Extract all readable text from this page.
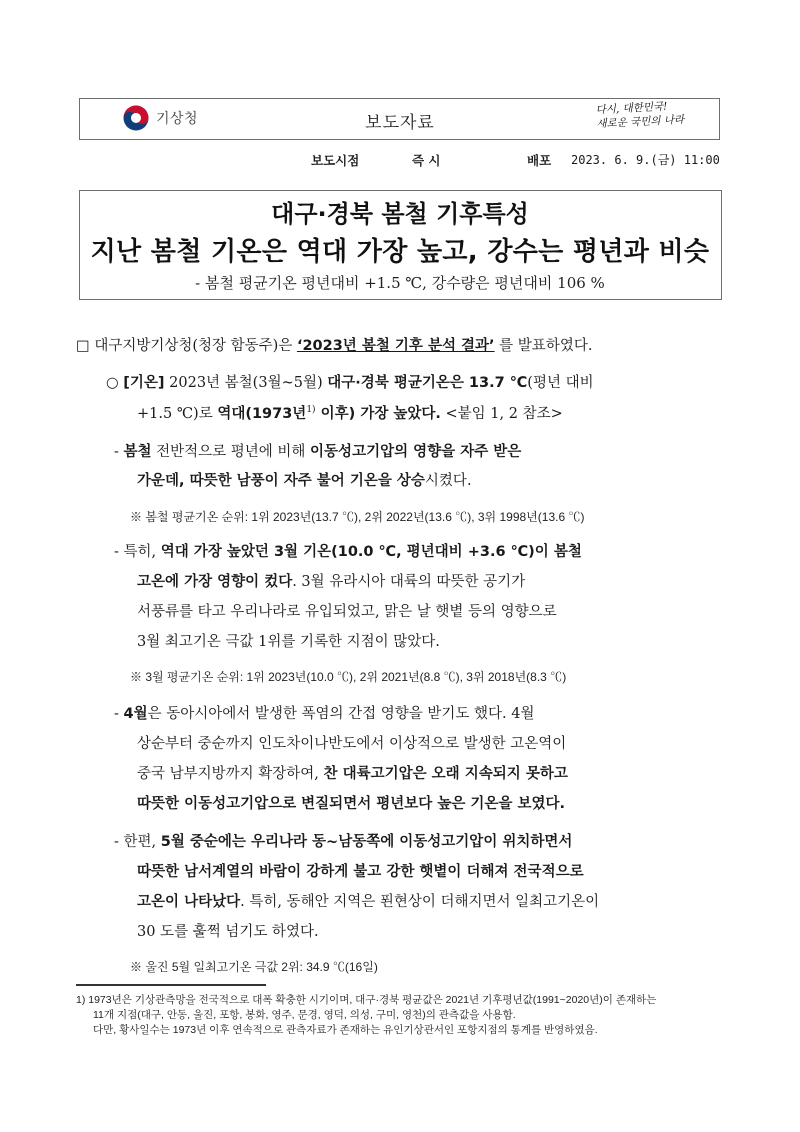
기상청	보도자료
다시, 대한민국!
새로운 국민의 나라
보도시점	즉 시	배포 2023. 6. 9.(금) 11:00
대구·경북 봄철 기후특성
지난 봄철 기온은 역대 가장 높고, 강수는 평년과 비슷
- 봄철 평균기온 평년대비 +1.5 ℃, 강수량은 평년대비 106 %
□ 대구지방기상청(청장 함동주)은 ‘2023년 봄철 기후 분석 결과’ 를 발표하였다.
○ [기온] 2023년 봄철(3월~5월) 대구·경북 평균기온은 13.7 ℃(평년 대비
+1.5 ℃)로 역대(1973년$^{1)}$ 이후) 가장 높았다. <붙임 1, 2 참조>
- 봄철 전반적으로 평년에 비해 이동성고기압의 영향을 자주 받은
가운데, 따뜻한 남풍이 자주 불어 기온을 상승시켰다.
※ 봄철 평균기온 순위: 1위 2023년(13.7 ℃), 2위 2022년(13.6 ℃), 3위 1998년(13.6 ℃)
- 특히, 역대 가장 높았던 3월 기온(10.0 ℃, 평년대비 +3.6 ℃)이 봄철
고온에 가장 영향이 컸다. 3월 유라시아 대륙의 따뜻한 공기가
서풍류를 타고 우리나라로 유입되었고, 맑은 날 햇볕 등의 영향으로
3월 최고기온 극값 1위를 기록한 지점이 많았다.
※ 3월 평균기온 순위: 1위 2023년(10.0 ℃), 2위 2021년(8.8 ℃), 3위 2018년(8.3 ℃)
- 4월은 동아시아에서 발생한 폭염의 간접 영향을 받기도 했다. 4월
상순부터 중순까지 인도차이나반도에서 이상적으로 발생한 고온역이
중국 남부지방까지 확장하여, 찬 대륙고기압은 오래 지속되지 못하고
따뜻한 이동성고기압으로 변질되면서 평년보다 높은 기온을 보였다.
- 한편, 5월 중순에는 우리나라 동~남동쪽에 이동성고기압이 위치하면서
따뜻한 남서계열의 바람이 강하게 불고 강한 햇볕이 더해져 전국적으로
고온이 나타났다. 특히, 동해안 지역은 푄현상이 더해지면서 일최고기온이
30 도를 훌쩍 넘기도 하였다.
※ 울진 5월 일최고기온 극값 2위: 34.9 ℃(16일)
1) 1973년은 기상관측망을 전국적으로 대폭 확충한 시기이며, 대구·경북 평균값은 2021년 기후평년값(1991~2020년)이 존재하는
11개 지점(대구, 안동, 울진, 포항, 봉화, 영주, 문경, 영덕, 의성, 구미, 영천)의 관측값을 사용함.
다만, 황사일수는 1973년 이후 연속적으로 관측자료가 존재하는 유인기상관서인 포항지점의 통계를 반영하였음.
